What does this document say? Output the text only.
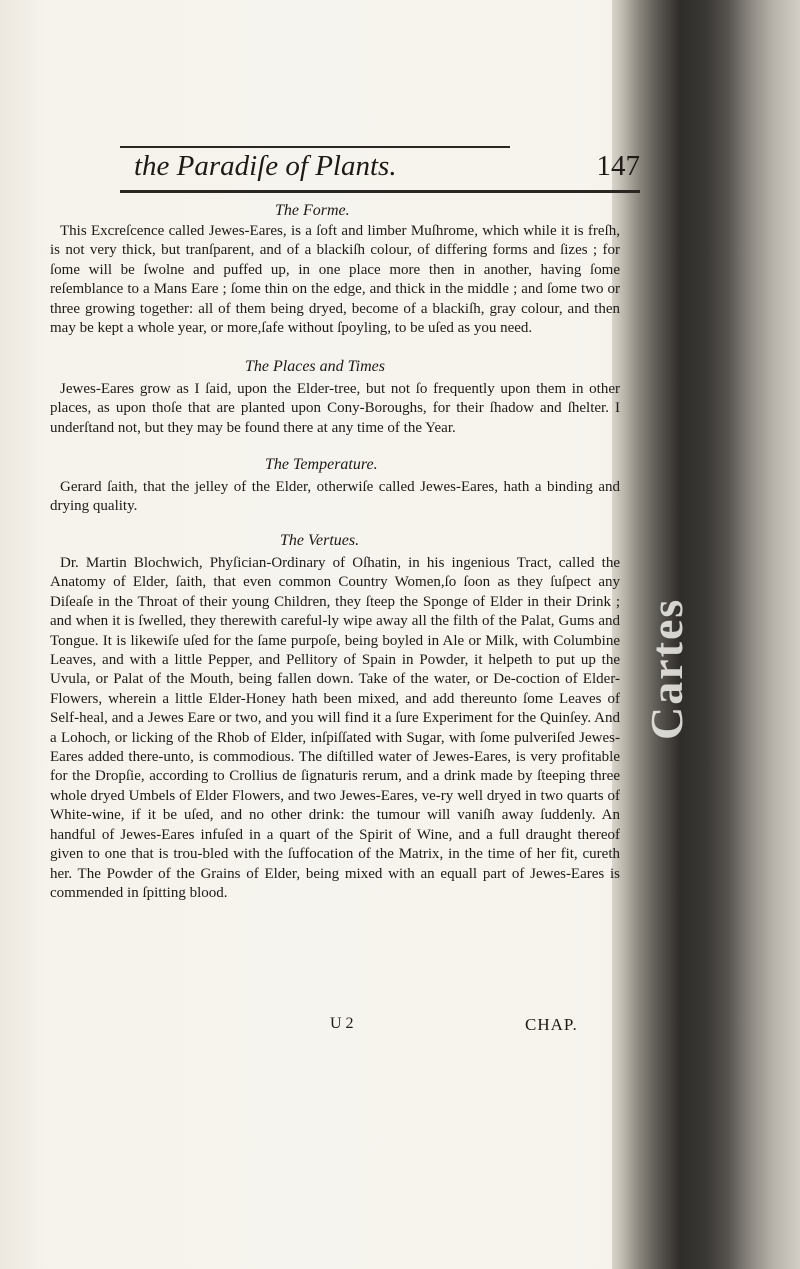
Cartes
the Paradiſe of Plants.	147
The Forme.
This Excreſcence called Jewes-Eares, is a ſoft and limber Muſhrome, which while it is freſh, is not very thick, but tranſparent, and of a blackiſh colour, of differing forms and ſizes ; for ſome will be ſwolne and puffed up, in one place more then in another, having ſome reſemblance to a Mans Eare ; ſome thin on the edge, and thick in the middle ; and ſome two or three growing together: all of them being dryed, become of a blackiſh, gray colour, and then may be kept a whole year, or more,ſafe without ſpoyling, to be uſed as you need.
The Places and Times
Jewes-Eares grow as I ſaid, upon the Elder-tree, but not ſo frequently upon them in other places, as upon thoſe that are planted upon Cony-Boroughs, for their ſhadow and ſhelter. I underſtand not, but they may be found there at any time of the Year.
The Temperature.
Gerard ſaith, that the jelley of the Elder, otherwiſe called Jewes-Eares, hath a binding and drying quality.
The Vertues.
Dr. Martin Blochwich, Phyſician-Ordinary of Oſhatin, in his ingenious Tract, called the Anatomy of Elder, ſaith, that even common Country Women,ſo ſoon as they ſuſpect any Diſeaſe in the Throat of their young Children, they ſteep the Sponge of Elder in their Drink ; and when it is ſwelled, they therewith careful-ly wipe away all the filth of the Palat, Gums and Tongue. It is likewiſe uſed for the ſame purpoſe, being boyled in Ale or Milk, with Columbine Leaves, and with a little Pepper, and Pellitory of Spain in Powder, it helpeth to put up the Uvula, or Palat of the Mouth, being fallen down. Take of the water, or De-coction of Elder-Flowers, wherein a little Elder-Honey hath been mixed, and add thereunto ſome Leaves of Self-heal, and a Jewes Eare or two, and you will find it a ſure Experiment for the Quinſey. And a Lohoch, or licking of the Rhob of Elder, inſpiſſated with Sugar, with ſome pulveriſed Jewes-Eares added there-unto, is commodious. The diſtilled water of Jewes-Eares, is very profitable for the Dropſie, according to Crollius de ſignaturis rerum, and a drink made by ſteeping three whole dryed Umbels of Elder Flowers, and two Jewes-Eares, ve-ry well dryed in two quarts of White-wine, if it be uſed, and no other drink: the tumour will vaniſh away ſuddenly. An handful of Jewes-Eares infuſed in a quart of the Spirit of Wine, and a full draught thereof given to one that is trou-bled with the ſuffocation of the Matrix, in the time of her fit, cureth her. The Powder of the Grains of Elder, being mixed with an equall part of Jewes-Eares is commended in ſpitting blood.
U 2	CHAP.
